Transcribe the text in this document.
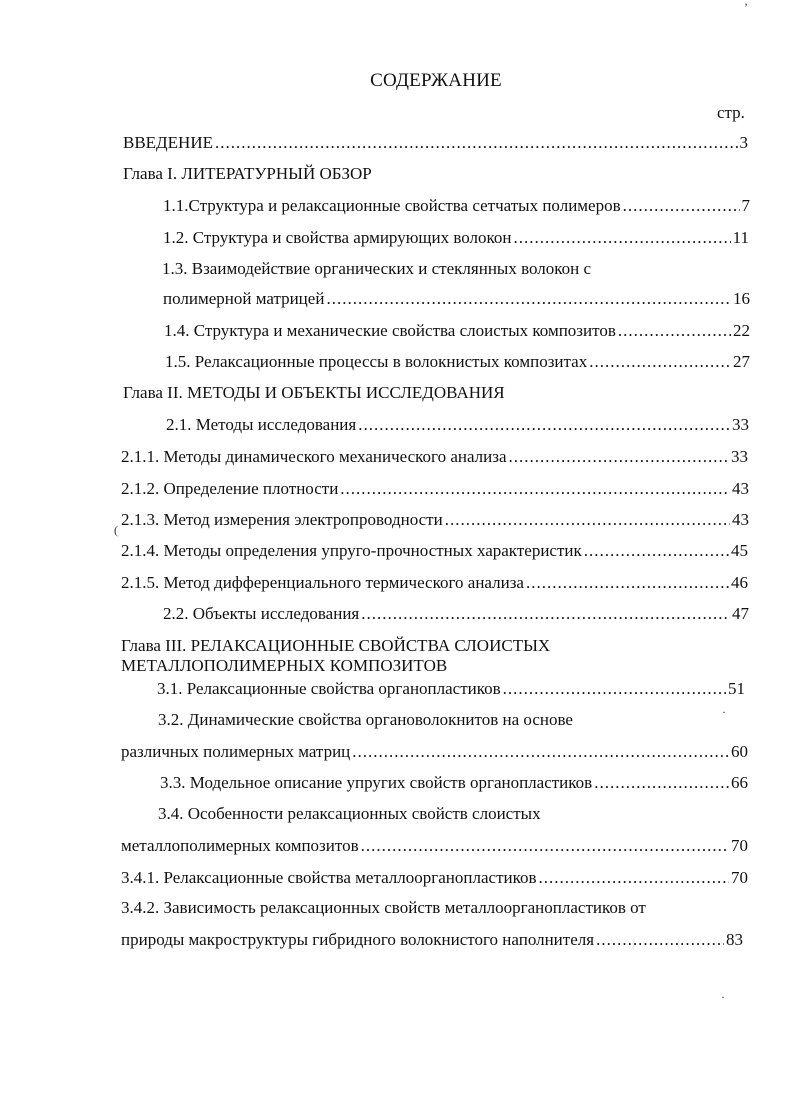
СОДЕРЖАНИЕ
стр.
ВВЕДЕНИЕ .....	3
Глава I. ЛИТЕРАТУРНЫЙ ОБЗОР
1.1.Структура и релаксационные свойства сетчатых полимеров .....	7
1.2. Структура и свойства армирующих волокон .....	11
1.3. Взаимодействие органических и стеклянных волокон с
полимерной матрицей .....	16
1.4. Структура и механические свойства слоистых композитов .....	22
1.5. Релаксационные процессы в волокнистых композитах .....	27
Глава II. МЕТОДЫ И ОБЪЕКТЫ ИССЛЕДОВАНИЯ
2.1. Методы исследования .....	33
2.1.1. Методы динамического механического анализа .....	33
2.1.2. Определение плотности .....	43
2.1.3. Метод измерения электропроводности .....	43
2.1.4. Методы определения упруго-прочностных характеристик .....	45
2.1.5. Метод дифференциального термического анализа .....	46
2.2. Объекты исследования .....	47
Глава III. РЕЛАКСАЦИОННЫЕ СВОЙСТВА СЛОИСТЫХ
МЕТАЛЛОПОЛИМЕРНЫХ КОМПОЗИТОВ
3.1. Релаксационные свойства органопластиков .....	51
3.2. Динамические свойства органоволокнитов на основе
различных полимерных матриц .....	60
3.3. Модельное описание упругих свойств органопластиков .....	66
3.4. Особенности релаксационных свойств слоистых
металлополимерных композитов .....	70
3.4.1. Релаксационные свойства металлоорганопластиков .....	70
3.4.2. Зависимость релаксационных свойств металлоорганопластиков от
природы макроструктуры гибридного волокнистого наполнителя .....	83
’
(
·
·
